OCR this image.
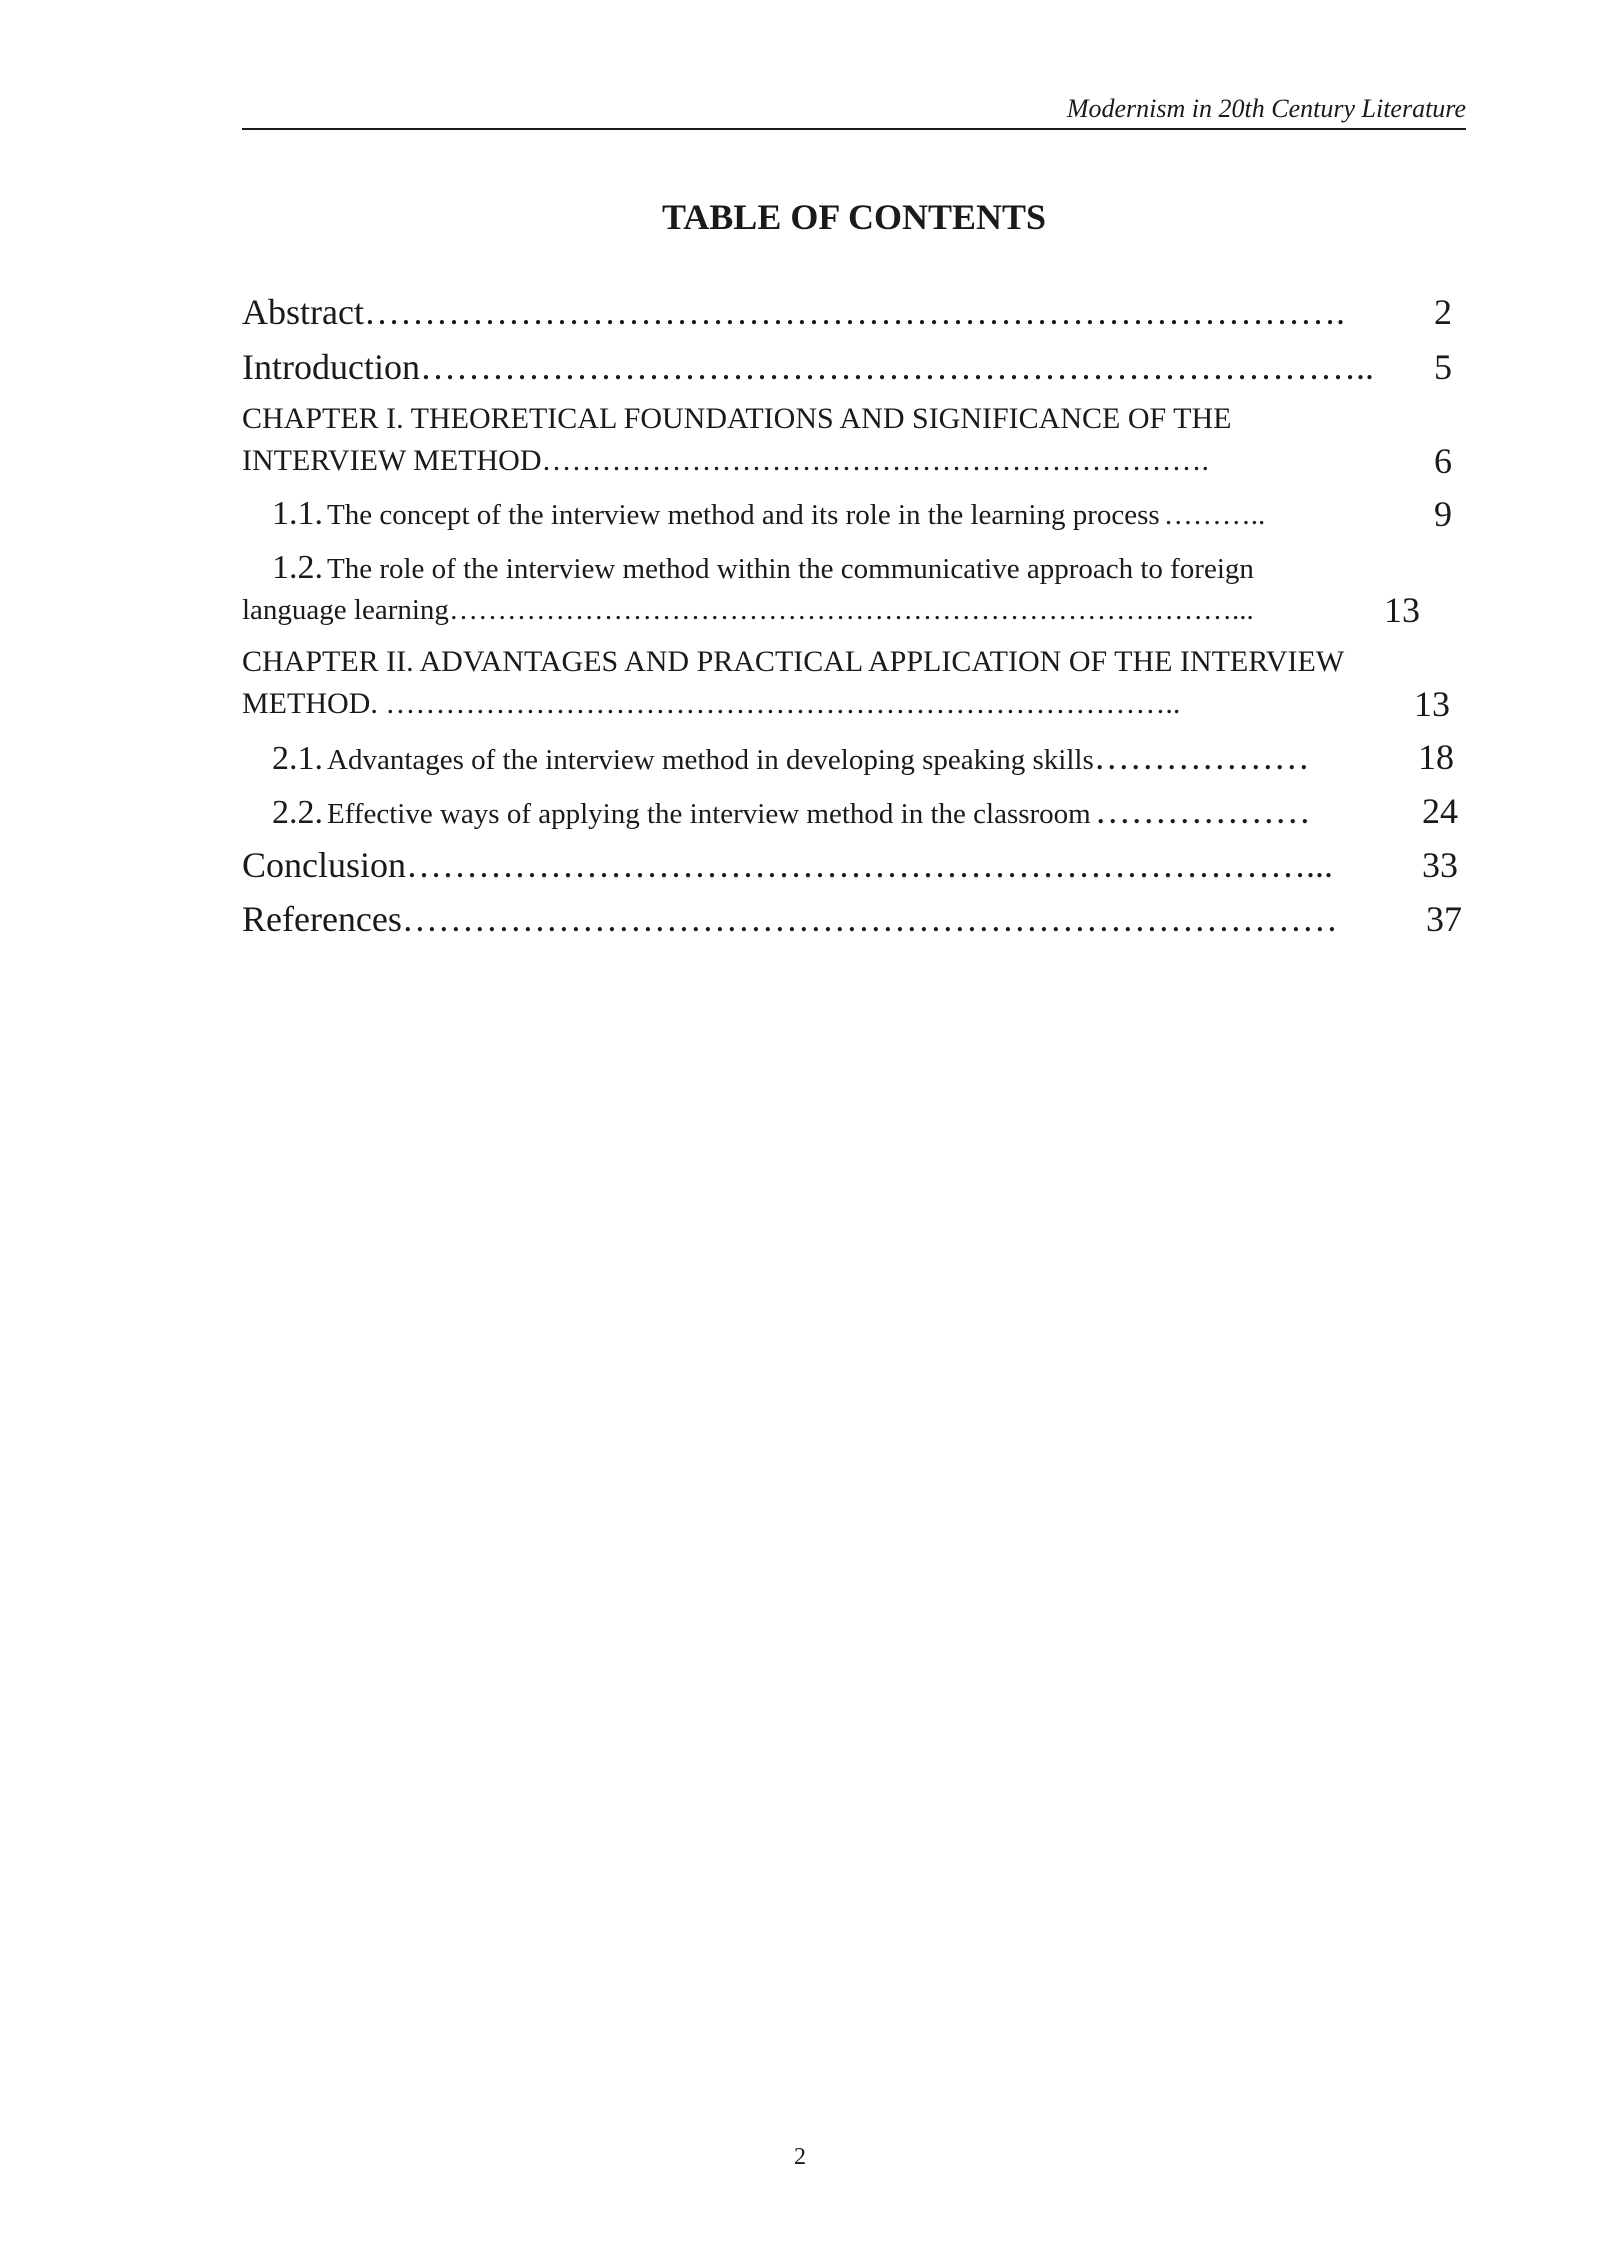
Modernism in 20th Century Literature
TABLE OF CONTENTS
Abstract………………………………………………………………………. 2
Introduction…………………………………………………………………….. 5
CHAPTER I. THEORETICAL FOUNDATIONS AND SIGNIFICANCE OF THE
INTERVIEW METHOD………………………………………………………….	6
1.1. The concept of the interview method and its role in the learning process ………..	9
1.2. The role of the interview method within the communicative approach to foreign
language learning………………………………………………………………………...	13
CHAPTER II. ADVANTAGES AND PRACTICAL APPLICATION OF THE INTERVIEW
METHOD. ……………………………………………………………………..	13
2.1. Advantages of the interview method in developing speaking skills………………	18
2.2. Effective ways of applying the interview method in the classroom ………………	24
Conclusion…………………………………………………………………... 33
References…………………………………………………………………… 37
2
